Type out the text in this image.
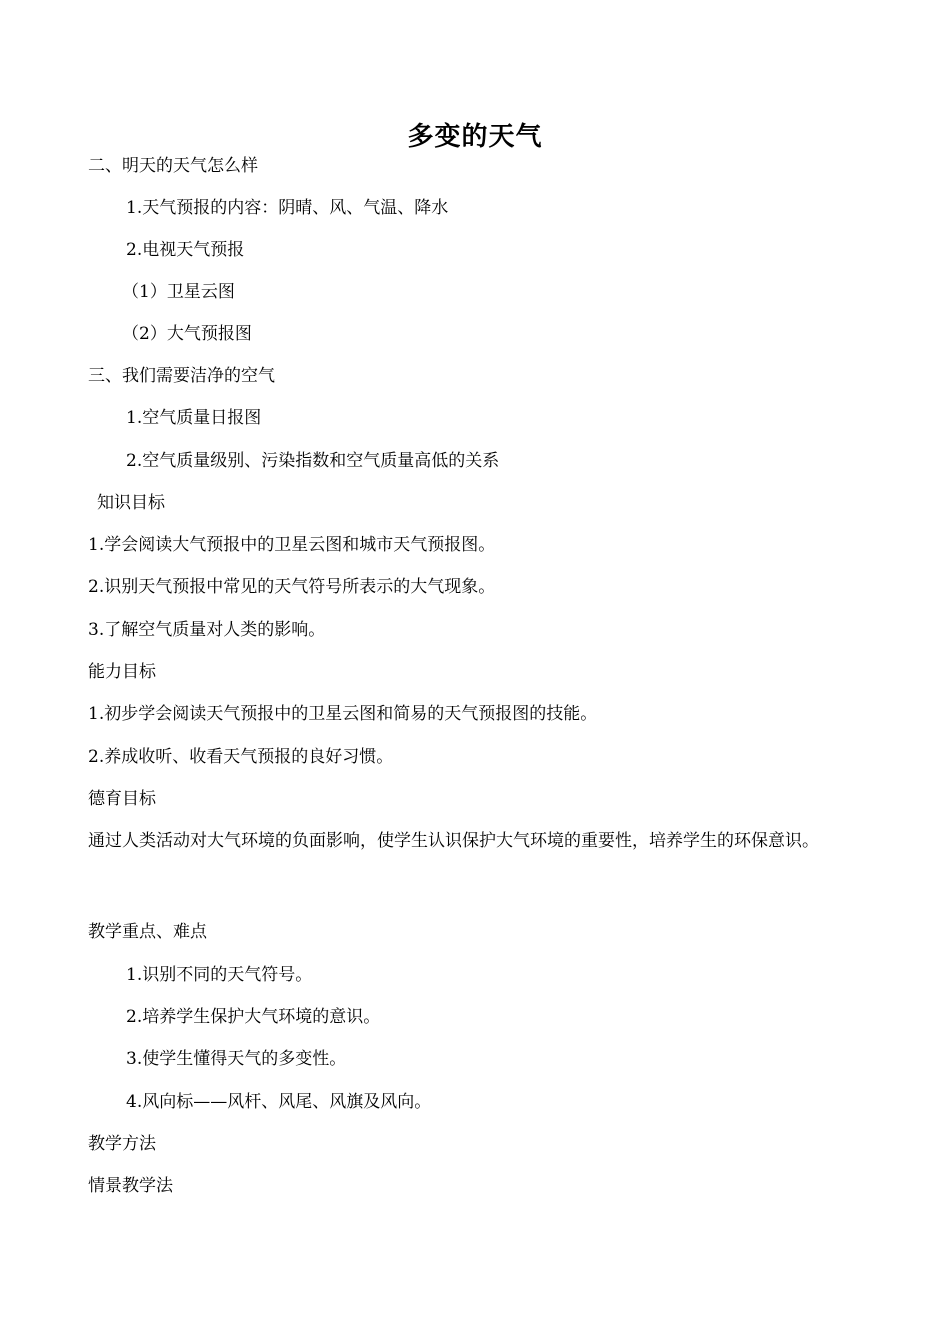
多变的天气
二、明天的天气怎么样
1.天气预报的内容：阴晴、风、气温、降水
2.电视天气预报
（1）卫星云图
（2）大气预报图
三、我们需要洁净的空气
1.空气质量日报图
2.空气质量级别、污染指数和空气质量高低的关系
知识目标
1.学会阅读大气预报中的卫星云图和城市天气预报图。
2.识别天气预报中常见的天气符号所表示的大气现象。
3.了解空气质量对人类的影响。
能力目标
1.初步学会阅读天气预报中的卫星云图和简易的天气预报图的技能。
2.养成收听、收看天气预报的良好习惯。
德育目标
通过人类活动对大气环境的负面影响，使学生认识保护大气环境的重要性，培养学生的环保意识。
教学重点、难点
1.识别不同的天气符号。
2.培养学生保护大气环境的意识。
3.使学生懂得天气的多变性。
4.风向标——风杆、风尾、风旗及风向。
教学方法
情景教学法
